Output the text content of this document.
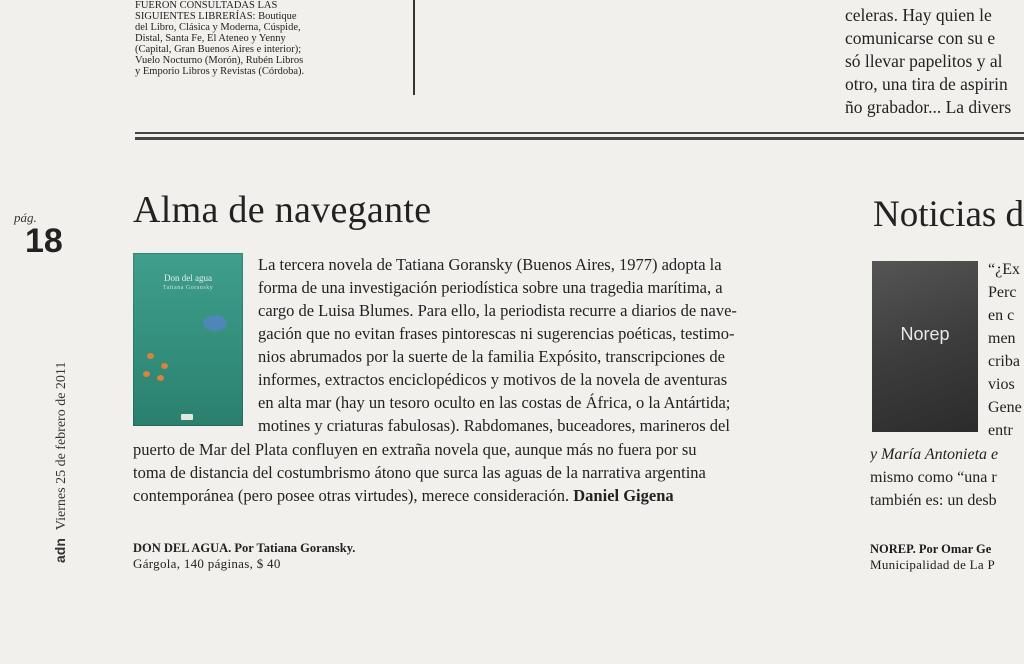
FUERON CONSULTADAS LAS
SIGUIENTES LIBRERÍAS: Boutique
del Libro, Clásica y Moderna, Cúspide,
Distal, Santa Fe, El Ateneo y Yenny
(Capital, Gran Buenos Aires e interior);
Vuelo Nocturno (Morón), Rubén Libros
y Emporio Libros y Revistas (Córdoba).
celeras. Hay quien le
comunicarse con su e
só llevar papelitos y al
otro, una tira de aspirin
ño grabador... La divers
pág.
18
adnViernes 25 de febrero de 2011
Alma de navegante
Don del agua
Tatiana Goransky
La tercera novela de Tatiana Goransky (Buenos Aires, 1977) adopta la
forma de una investigación periodística sobre una tragedia marítima, a
cargo de Luisa Blumes. Para ello, la periodista recurre a diarios de nave-
gación que no evitan frases pintorescas ni sugerencias poéticas, testimo-
nios abrumados por la suerte de la familia Expósito, transcripciones de
informes, extractos enciclopédicos y motivos de la novela de aventuras
en alta mar (hay un tesoro oculto en las costas de África, o la Antártida;
motines y criaturas fabulosas). Rabdomanes, buceadores, marineros del
puerto de Mar del Plata confluyen en extraña novela que, aunque más no fuera por su
toma de distancia del costumbrismo átono que surca las aguas de la narrativa argentina
contemporánea (pero posee otras virtudes), merece consideración. Daniel Gigena
DON DEL AGUA. Por Tatiana Goransky.
Gárgola, 140 páginas, $ 40
Noticias d
Norep
“¿Ex
Perc
en c
men
criba
vios
Gene
entr
y María Antonieta e
mismo como “una r
también es: un desb
NOREP. Por Omar Ge
Municipalidad de La P
